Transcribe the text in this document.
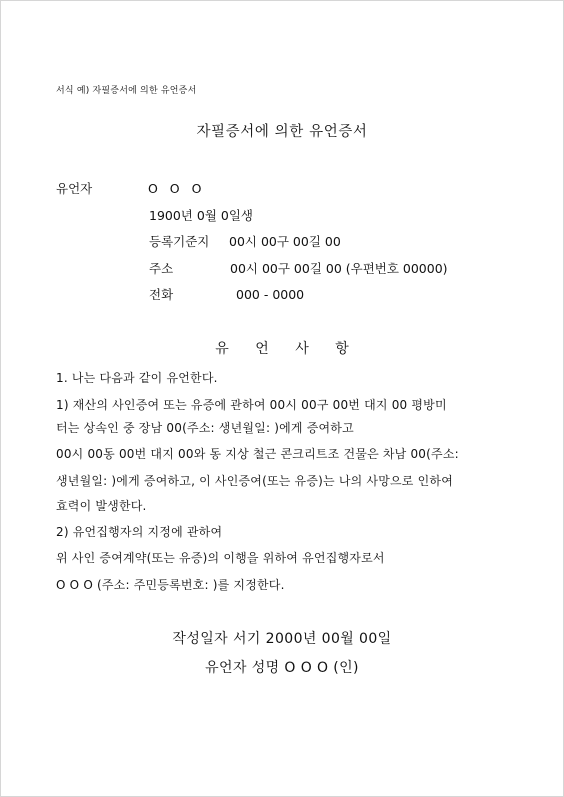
서식 예) 자필증서에 의한 유언증서
자필증서에 의한 유언증서
유언자	O O O
1900년 0월 0일생
등록기준지 00시 00구 00길 00
주소	00시 00구 00길 00 (우편번호 00000)
전화	000 - 0000
유 언 사 항
1. 나는 다음과 같이 유언한다.
1) 재산의 사인증여 또는 유증에 관하여 00시 00구 00번 대지 00 평방미
터는 상속인 중 장남 00(주소: 생년월일: )에게 증여하고
00시 00동 00번 대지 00와 동 지상 철근 콘크리트조 건물은 차남 00(주소:
생년월일: )에게 증여하고, 이 사인증여(또는 유증)는 나의 사망으로 인하여
효력이 발생한다.
2) 유언집행자의 지정에 관하여
위 사인 증여계약(또는 유증)의 이행을 위하여 유언집행자로서
O O O (주소: 주민등록번호: )를 지정한다.
작성일자 서기 2000년 00월 00일
유언자 성명 O O O (인)
